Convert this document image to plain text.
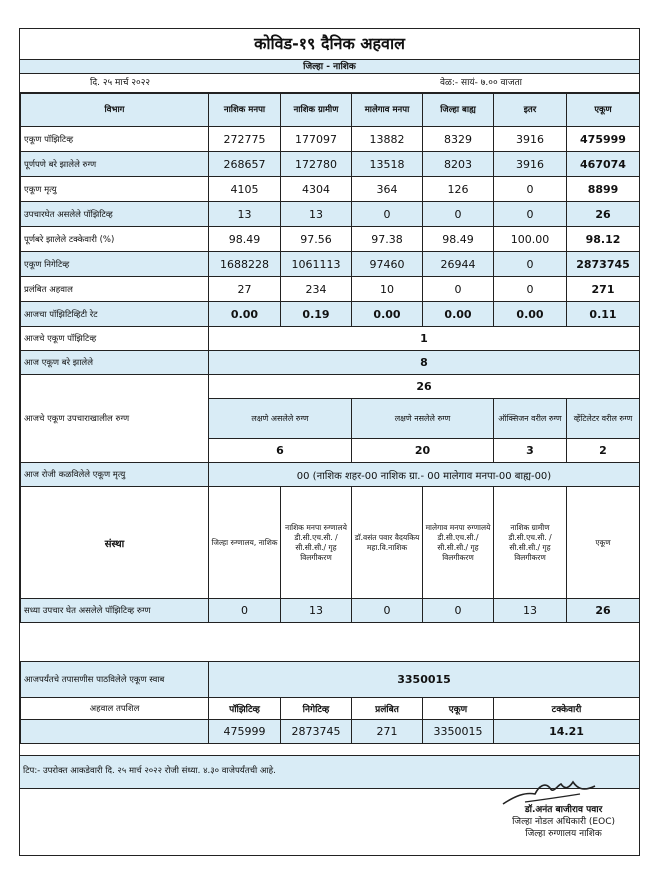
कोविड-१९ दैनिक अहवाल
जिल्हा - नाशिक
दि. २५ मार्च २०२२	वेळ:- सायं- ७.०० वाजता
विभाग	नाशिक मनपा	नाशिक ग्रामीण	मालेगाव मनपा	जिल्हा बाह्य	इतर	एकूण
एकूण पॉझिटिव्ह	272775	177097	13882	8329	3916	475999
पूर्णपणे बरे झालेले रुग्ण	268657	172780	13518	8203	3916	467074
एकूण मृत्यु	4105	4304	364	126	0	8899
उपचारघेत असलेले पॉझिटिव्ह	13	13	0	0	0	26
पूर्णबरे झालेले टक्केवारी (%)	98.49	97.56	97.38	98.49	100.00	98.12
एकूण निगेटिव्ह	1688228	1061113	97460	26944	0	2873745
प्रलंबित अहवाल	27	234	10	0	0	271
आजचा पॉझिटिव्हिटी रेट	0.00	0.19	0.00	0.00	0.00	0.11
आजचे एकूण पॉझिटिव्ह	1					
आज एकूण बरे झालेले	8					
आजचे एकूण उपचाराखालील रुग्ण	26					
	लक्षणे असलेले रुग्ण		लक्षणे नसलेले रुग्ण		ऑक्सिजन वरील रुग्ण	व्हेंटिलेटर वरील रुग्ण
	6		20		3	2
आज रोजी कळविलेले एकूण मृत्यु	00 (नाशिक शहर-00 नाशिक ग्रा.- 00 मालेगाव मनपा-00 बाह्य-00)					
संस्था	जिल्हा रुग्णालय, नाशिक	नाशिक मनपा रुग्णालये डी.सी.एच.सी. / सी.सी.सी./ गृह विलगीकरण	डॉ.वसंत पवार वैदयकिय महा.वि.नाशिक	मालेगाव मनपा रुग्णालये डी.सी.एच.सी./ सी.सी.सी./ गृह विलगीकरण	नाशिक ग्रामीण डी.सी.एच.सी. /सी.सी.सी./ गृह विलगीकरण	एकूण
सध्या उपचार घेत असलेले पॉझिटिव्ह रुग्ण	0	13	0	0	13	26
आजपर्यंतचे तपासणीस पाठविलेले एकूण स्वाब	3350015				
अहवाल तपशिल	पॉझिटिव्ह	निगेटिव्ह	प्रलंबित	एकूण	टक्केवारी
	475999	2873745	271	3350015	14.21
टिप:- उपरोक्त आकडेवारी दि. २५ मार्च २०२२ रोजी संध्या. ४.३० वाजेपर्यंतची आहे.
डॉ.अनंत बाजीराव पवार
जिल्हा नोडल अधिकारी (EOC)
जिल्हा रुग्णालय नाशिक
